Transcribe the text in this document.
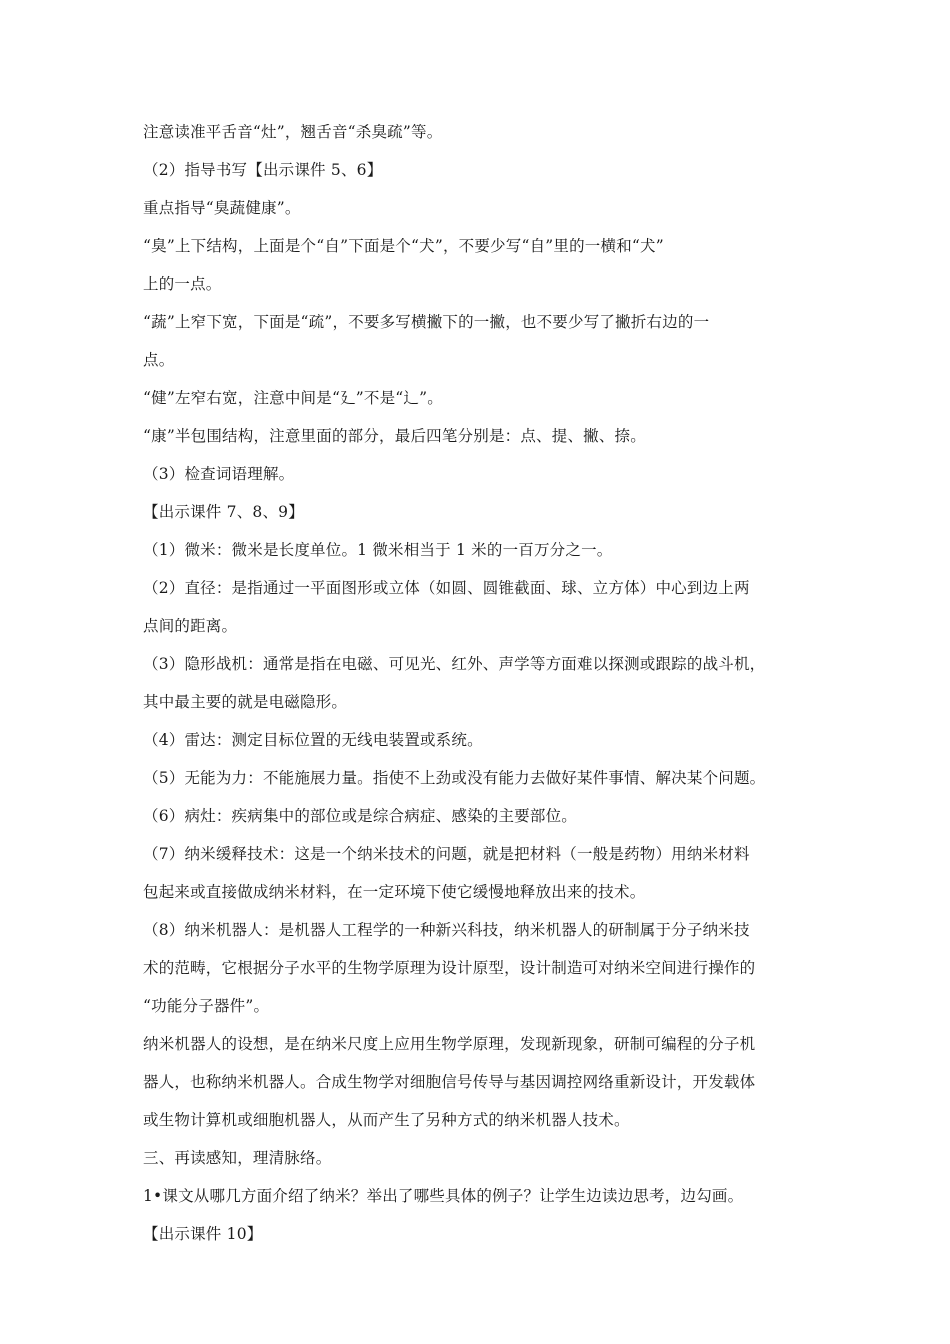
注意读准平舌音“灶”，翘舌音“杀臭疏”等。
（2）指导书写【出示课件 5、6】
重点指导“臭蔬健康”。
“臭”上下结构，上面是个“自”下面是个“犬”，不要少写“自”里的一横和“犬”
上的一点。
“蔬”上窄下宽，下面是“疏”，不要多写横撇下的一撇，也不要少写了撇折右边的一
点。
“健”左窄右宽，注意中间是“廴”不是“辶”。
“康”半包围结构，注意里面的部分，最后四笔分别是：点、提、撇、捺。
（3）检查词语理解。
【出示课件 7、8、9】
（1）微米：微米是长度单位。1 微米相当于 1 米的一百万分之一。
（2）直径：是指通过一平面图形或立体（如圆、圆锥截面、球、立方体）中心到边上两
点间的距离。
（3）隐形战机：通常是指在电磁、可见光、红外、声学等方面难以探测或跟踪的战斗机，
其中最主要的就是电磁隐形。
（4）雷达：测定目标位置的无线电装置或系统。
（5）无能为力：不能施展力量。指使不上劲或没有能力去做好某件事情、解决某个问题。
（6）病灶：疾病集中的部位或是综合病症、感染的主要部位。
（7）纳米缓释技术：这是一个纳米技术的问题，就是把材料（一般是药物）用纳米材料
包起来或直接做成纳米材料，在一定环境下使它缓慢地释放出来的技术。
（8）纳米机器人：是机器人工程学的一种新兴科技，纳米机器人的研制属于分子纳米技
术的范畴，它根据分子水平的生物学原理为设计原型，设计制造可对纳米空间进行操作的
“功能分子器件”。
纳米机器人的设想，是在纳米尺度上应用生物学原理，发现新现象，研制可编程的分子机
器人，也称纳米机器人。合成生物学对细胞信号传导与基因调控网络重新设计，开发载体
或生物计算机或细胞机器人，从而产生了另种方式的纳米机器人技术。
三、再读感知，理清脉络。
1•课文从哪几方面介绍了纳米？举出了哪些具体的例子？让学生边读边思考，边勾画。
【出示课件 10】
